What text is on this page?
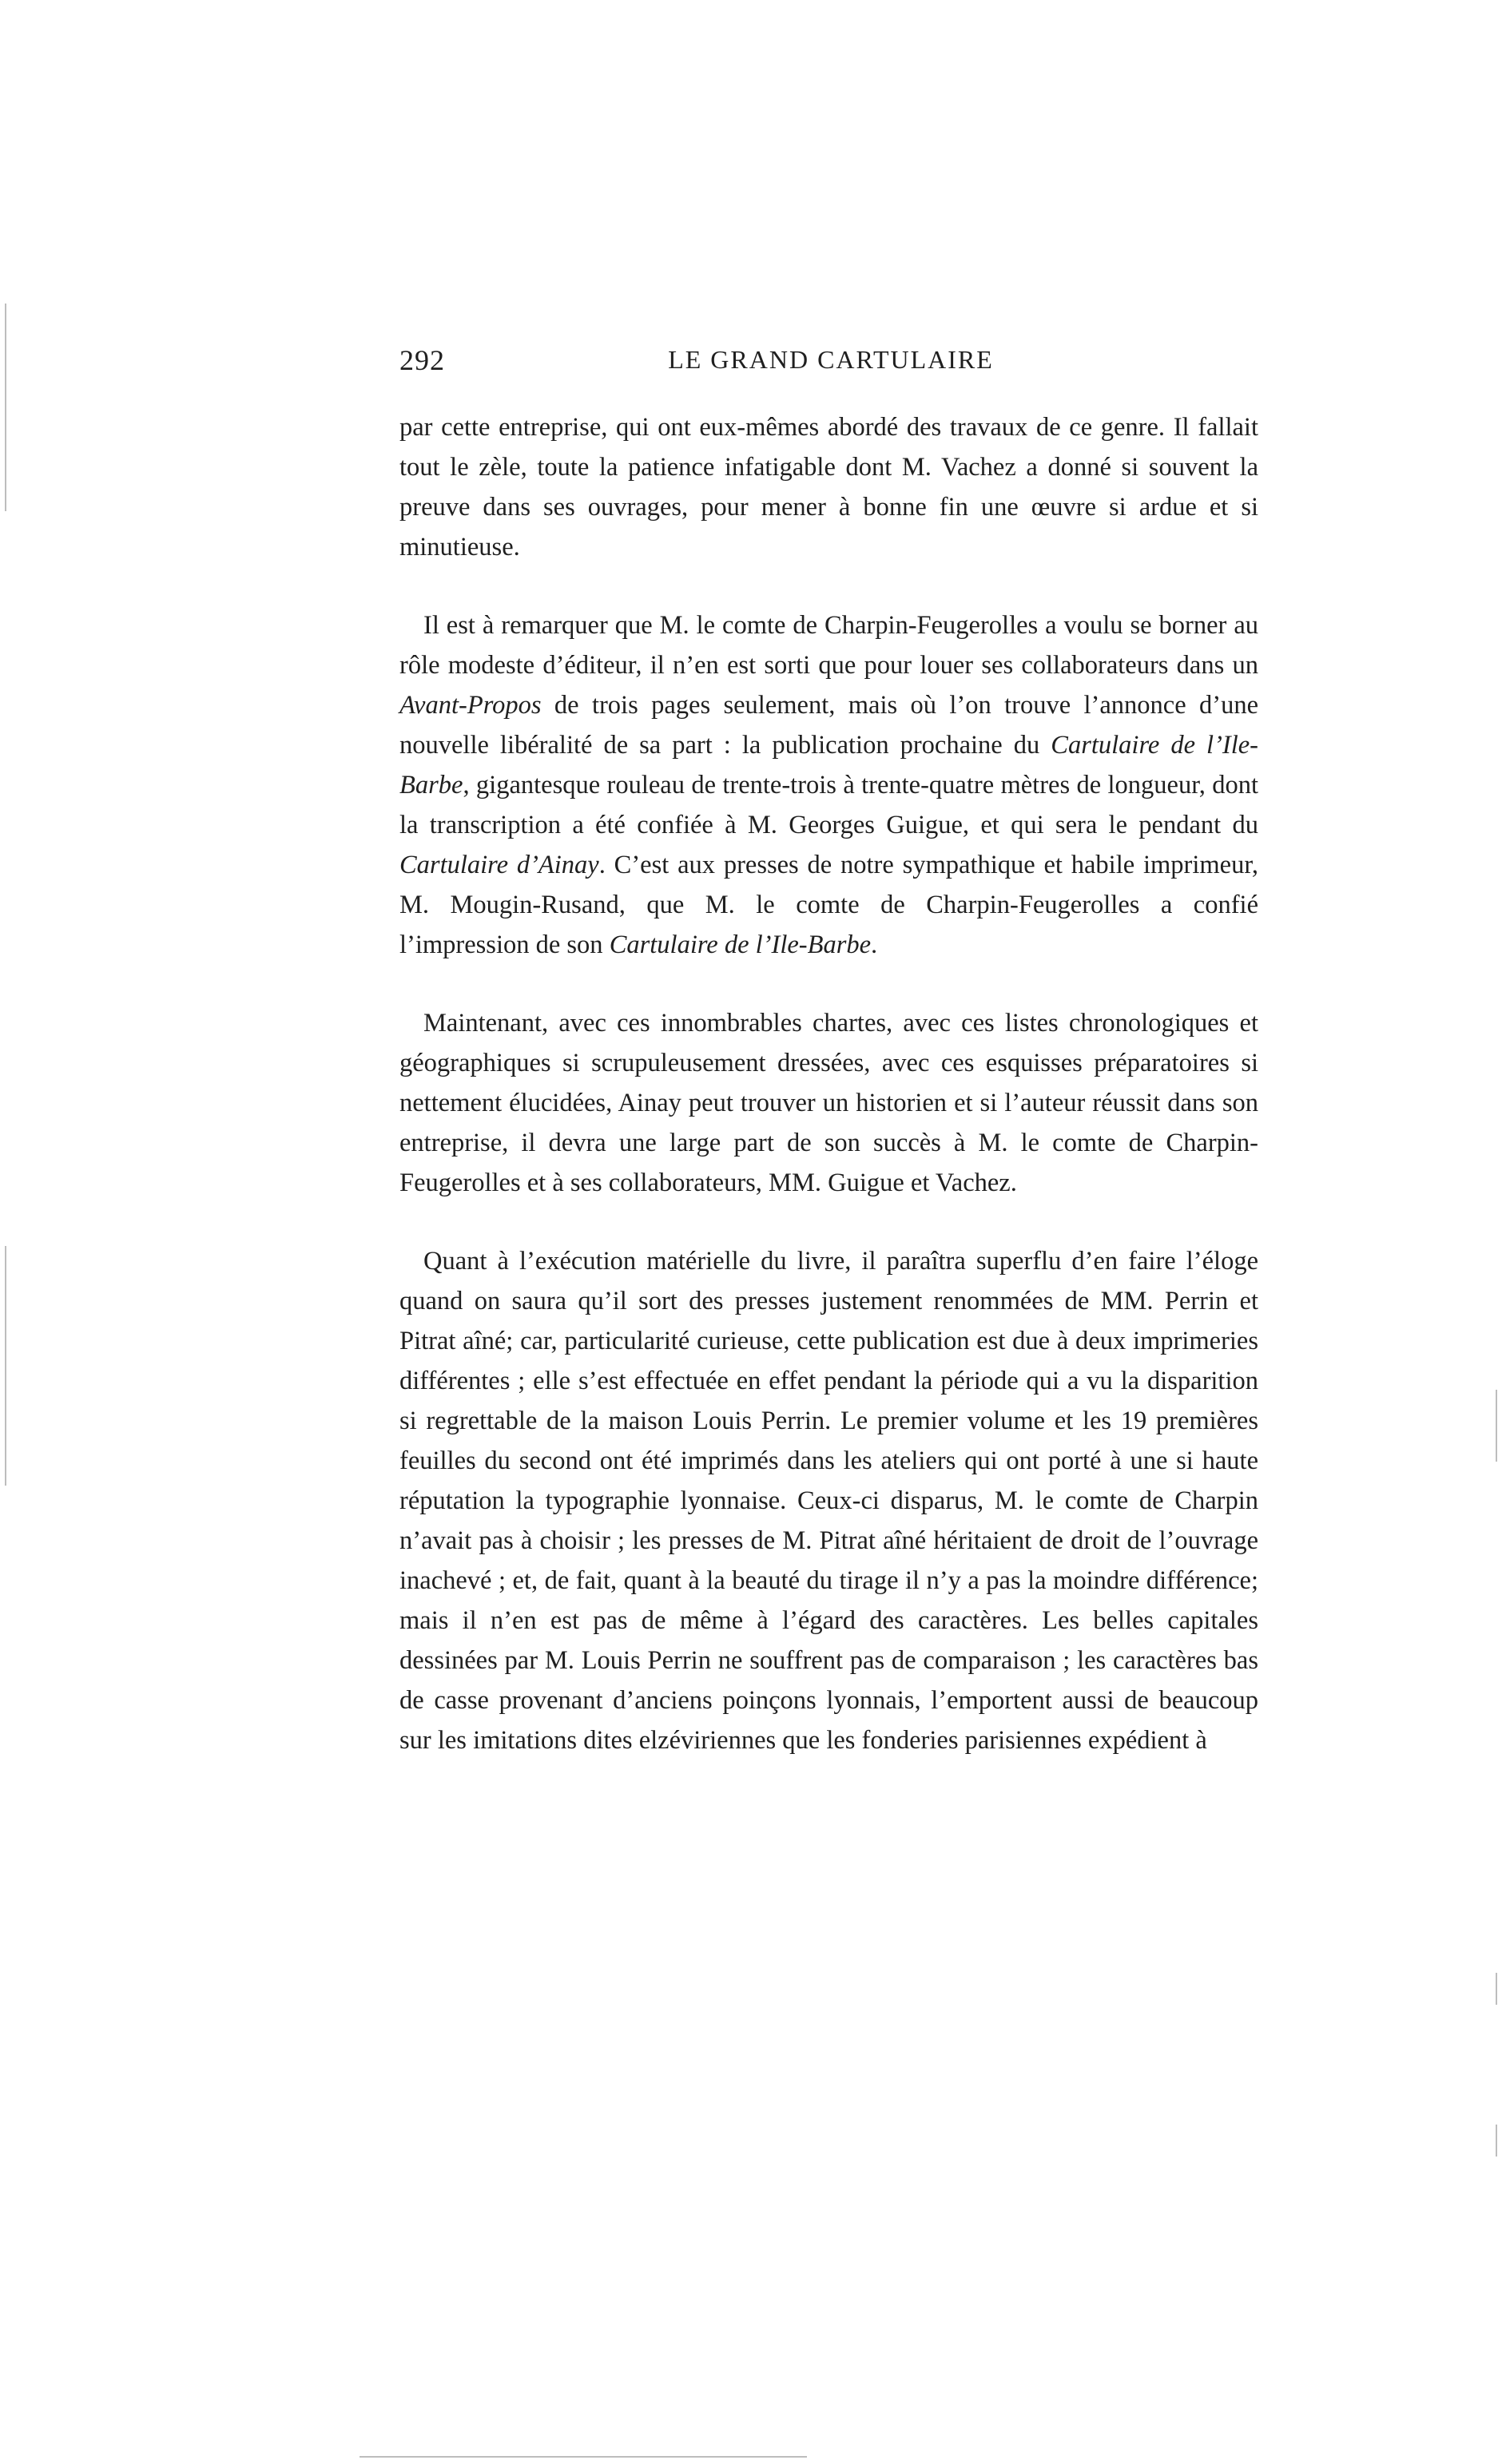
292	LE GRAND CARTULAIRE

par cette entreprise, qui ont eux-mêmes abordé des travaux de ce genre. Il fallait tout le zèle, toute la patience infatigable dont M. Vachez a donné si souvent la preuve dans ses ouvrages, pour mener à bonne fin une œuvre si ardue et si minutieuse.

Il est à remarquer que M. le comte de Charpin-Feugerolles a voulu se borner au rôle modeste d’éditeur, il n’en est sorti que pour louer ses collaborateurs dans un Avant-Propos de trois pages seulement, mais où l’on trouve l’annonce d’une nouvelle libéralité de sa part : la publication prochaine du Cartulaire de l’Ile-Barbe, gigantesque rouleau de trente-trois à trente-quatre mètres de longueur, dont la transcription a été confiée à M. Georges Guigue, et qui sera le pendant du Cartulaire d’Ainay. C’est aux presses de notre sympathique et habile imprimeur, M. Mougin-Rusand, que M. le comte de Charpin-Feugerolles a confié l’impression de son Cartulaire de l’Ile-Barbe.

Maintenant, avec ces innombrables chartes, avec ces listes chronologiques et géographiques si scrupuleusement dressées, avec ces esquisses préparatoires si nettement élucidées, Ainay peut trouver un historien et si l’auteur réussit dans son entreprise, il devra une large part de son succès à M. le comte de Charpin-Feugerolles et à ses collaborateurs, MM. Guigue et Vachez.

Quant à l’exécution matérielle du livre, il paraîtra superflu d’en faire l’éloge quand on saura qu’il sort des presses justement renommées de MM. Perrin et Pitrat aîné; car, particularité curieuse, cette publication est due à deux imprimeries différentes ; elle s’est effectuée en effet pendant la période qui a vu la disparition si regrettable de la maison Louis Perrin. Le premier volume et les 19 premières feuilles du second ont été imprimés dans les ateliers qui ont porté à une si haute réputation la typographie lyonnaise. Ceux-ci disparus, M. le comte de Charpin n’avait pas à choisir ; les presses de M. Pitrat aîné héritaient de droit de l’ouvrage inachevé ; et, de fait, quant à la beauté du tirage il n’y a pas la moindre différence; mais il n’en est pas de même à l’égard des caractères. Les belles capitales dessinées par M. Louis Perrin ne souffrent pas de comparaison ; les caractères bas de casse provenant d’anciens poinçons lyonnais, l’emportent aussi de beaucoup sur les imitations dites elzéviriennes que les fonderies parisiennes expédient à
